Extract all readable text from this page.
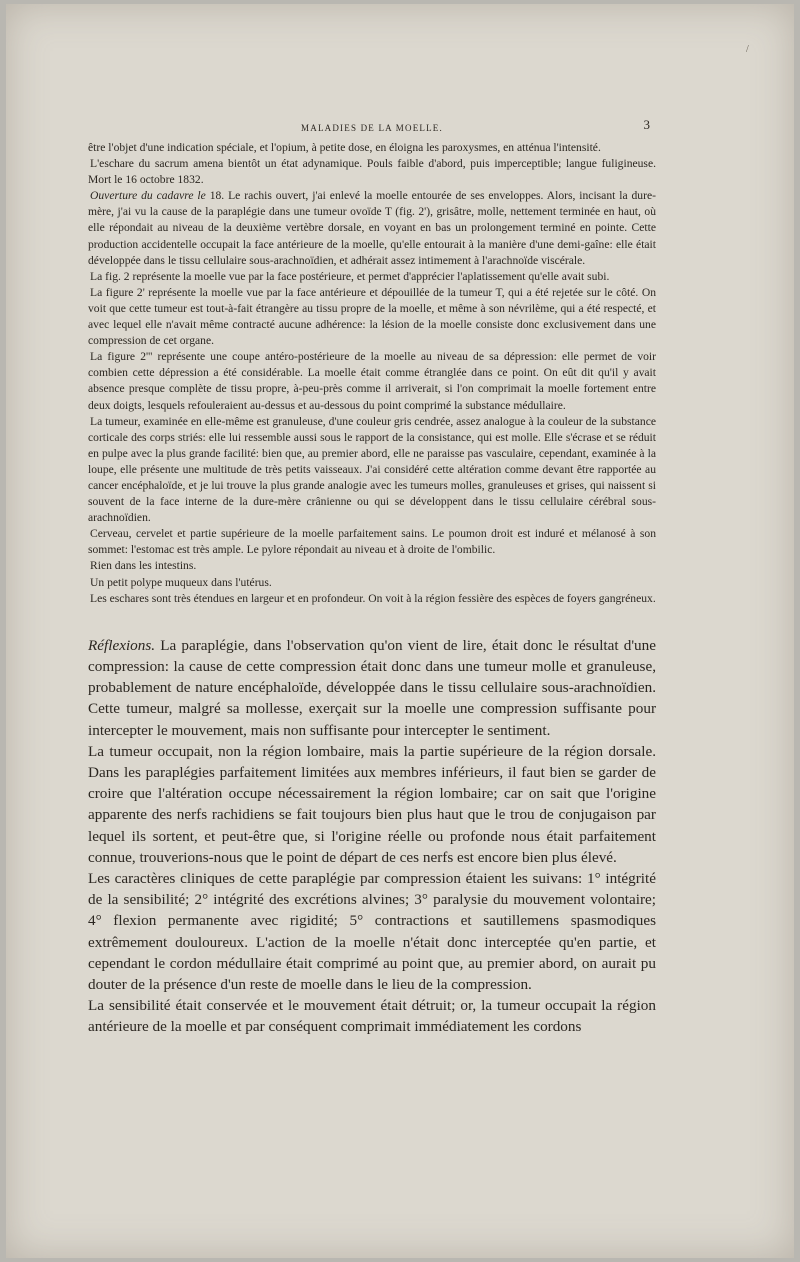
/
MALADIES DE LA MOELLE.	3

être l'objet d'une indication spéciale, et l'opium, à petite dose, en éloigna les paroxysmes, en atténua l'intensité.

L'eschare du sacrum amena bientôt un état adynamique. Pouls faible d'abord, puis imperceptible; langue fuligineuse. Mort le 16 octobre 1832.

Ouverture du cadavre le 18. Le rachis ouvert, j'ai enlevé la moelle entourée de ses enveloppes. Alors, incisant la dure-mère, j'ai vu la cause de la paraplégie dans une tumeur ovoïde T (fig. 2'), grisâtre, molle, nettement terminée en haut, où elle répondait au niveau de la deuxième vertèbre dorsale, en voyant en bas un prolongement terminé en pointe. Cette production accidentelle occupait la face antérieure de la moelle, qu'elle entourait à la manière d'une demi-gaîne: elle était développée dans le tissu cellulaire sous-arachnoïdien, et adhérait assez intimement à l'arachnoïde viscérale.

La fig. 2 représente la moelle vue par la face postérieure, et permet d'apprécier l'aplatissement qu'elle avait subi.

La figure 2' représente la moelle vue par la face antérieure et dépouillée de la tumeur T, qui a été rejetée sur le côté. On voit que cette tumeur est tout-à-fait étrangère au tissu propre de la moelle, et même à son névrilème, qui a été respecté, et avec lequel elle n'avait même contracté aucune adhérence: la lésion de la moelle consiste donc exclusivement dans une compression de cet organe.

La figure 2''' représente une coupe antéro-postérieure de la moelle au niveau de sa dépression: elle permet de voir combien cette dépression a été considérable. La moelle était comme étranglée dans ce point. On eût dit qu'il y avait absence presque complète de tissu propre, à-peu-près comme il arriverait, si l'on comprimait la moelle fortement entre deux doigts, lesquels refouleraient au-dessus et au-dessous du point comprimé la substance médullaire.

La tumeur, examinée en elle-même est granuleuse, d'une couleur gris cendrée, assez analogue à la couleur de la substance corticale des corps striés: elle lui ressemble aussi sous le rapport de la consistance, qui est molle. Elle s'écrase et se réduit en pulpe avec la plus grande facilité: bien que, au premier abord, elle ne paraisse pas vasculaire, cependant, examinée à la loupe, elle présente une multitude de très petits vaisseaux. J'ai considéré cette altération comme devant être rapportée au cancer encéphaloïde, et je lui trouve la plus grande analogie avec les tumeurs molles, granuleuses et grises, qui naissent si souvent de la face interne de la dure-mère crânienne ou qui se développent dans le tissu cellulaire cérébral sous-arachnoïdien.

Cerveau, cervelet et partie supérieure de la moelle parfaitement sains. Le poumon droit est induré et mélanosé à son sommet: l'estomac est très ample. Le pylore répondait au niveau et à droite de l'ombilic.

Rien dans les intestins.

Un petit polype muqueux dans l'utérus.

Les eschares sont très étendues en largeur et en profondeur. On voit à la région fessière des espèces de foyers gangréneux.

Réflexions. La paraplégie, dans l'observation qu'on vient de lire, était donc le résultat d'une compression: la cause de cette compression était donc dans une tumeur molle et granuleuse, probablement de nature encéphaloïde, développée dans le tissu cellulaire sous-arachnoïdien. Cette tumeur, malgré sa mollesse, exerçait sur la moelle une compression suffisante pour intercepter le mouvement, mais non suffisante pour intercepter le sentiment.

La tumeur occupait, non la région lombaire, mais la partie supérieure de la région dorsale. Dans les paraplégies parfaitement limitées aux membres inférieurs, il faut bien se garder de croire que l'altération occupe nécessairement la région lombaire; car on sait que l'origine apparente des nerfs rachidiens se fait toujours bien plus haut que le trou de conjugaison par lequel ils sortent, et peut-être que, si l'origine réelle ou profonde nous était parfaitement connue, trouverions-nous que le point de départ de ces nerfs est encore bien plus élevé.

Les caractères cliniques de cette paraplégie par compression étaient les suivans: 1° intégrité de la sensibilité; 2° intégrité des excrétions alvines; 3° paralysie du mouvement volontaire; 4° flexion permanente avec rigidité; 5° contractions et sautillemens spasmodiques extrêmement douloureux. L'action de la moelle n'était donc interceptée qu'en partie, et cependant le cordon médullaire était comprimé au point que, au premier abord, on aurait pu douter de la présence d'un reste de moelle dans le lieu de la compression.

La sensibilité était conservée et le mouvement était détruit; or, la tumeur occupait la région antérieure de la moelle et par conséquent comprimait immédiatement les cordons
